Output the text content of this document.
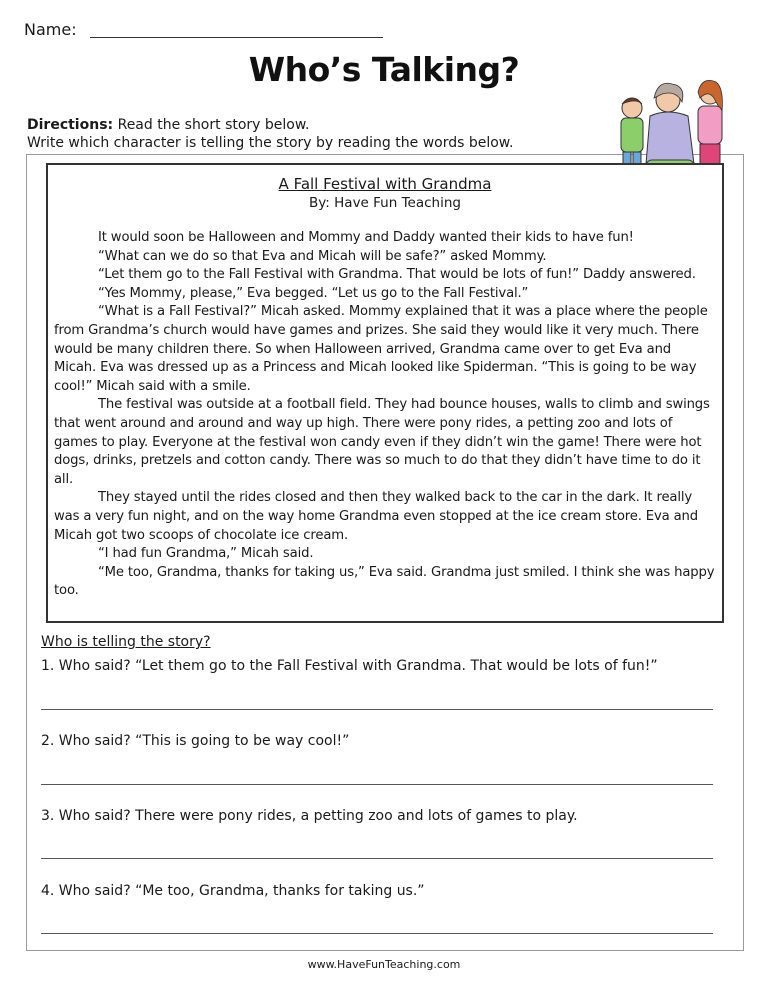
Name:
Who’s Talking?
Directions: Read the short story below.
Write which character is telling the story by reading the words below.
A Fall Festival with Grandma
By: Have Fun Teaching

It would soon be Halloween and Mommy and Daddy wanted their kids to have fun!

“What can we do so that Eva and Micah will be safe?” asked Mommy.

“Let them go to the Fall Festival with Grandma. That would be lots of fun!” Daddy answered.

“Yes Mommy, please,” Eva begged. “Let us go to the Fall Festival.”

“What is a Fall Festival?” Micah asked. Mommy explained that it was a place where the people from Grandma’s church would have games and prizes. She said they would like it very much. There would be many children there. So when Halloween arrived, Grandma came over to get Eva and Micah. Eva was dressed up as a Princess and Micah looked like Spiderman. “This is going to be way cool!” Micah said with a smile.

The festival was outside at a football field. They had bounce houses, walls to climb and swings that went around and around and way up high. There were pony rides, a petting zoo and lots of games to play. Everyone at the festival won candy even if they didn’t win the game! There were hot dogs, drinks, pretzels and cotton candy. There was so much to do that they didn’t have time to do it all.

They stayed until the rides closed and then they walked back to the car in the dark. It really was a very fun night, and on the way home Grandma even stopped at the ice cream store. Eva and Micah got two scoops of chocolate ice cream.

“I had fun Grandma,” Micah said.

“Me too, Grandma, thanks for taking us,” Eva said. Grandma just smiled. I think she was happy too.

Who is telling the story?
1. Who said? “Let them go to the Fall Festival with Grandma. That would be lots of fun!”
2. Who said? “This is going to be way cool!”
3. Who said? There were pony rides, a petting zoo and lots of games to play.
4. Who said? “Me too, Grandma, thanks for taking us.”
www.HaveFunTeaching.com
